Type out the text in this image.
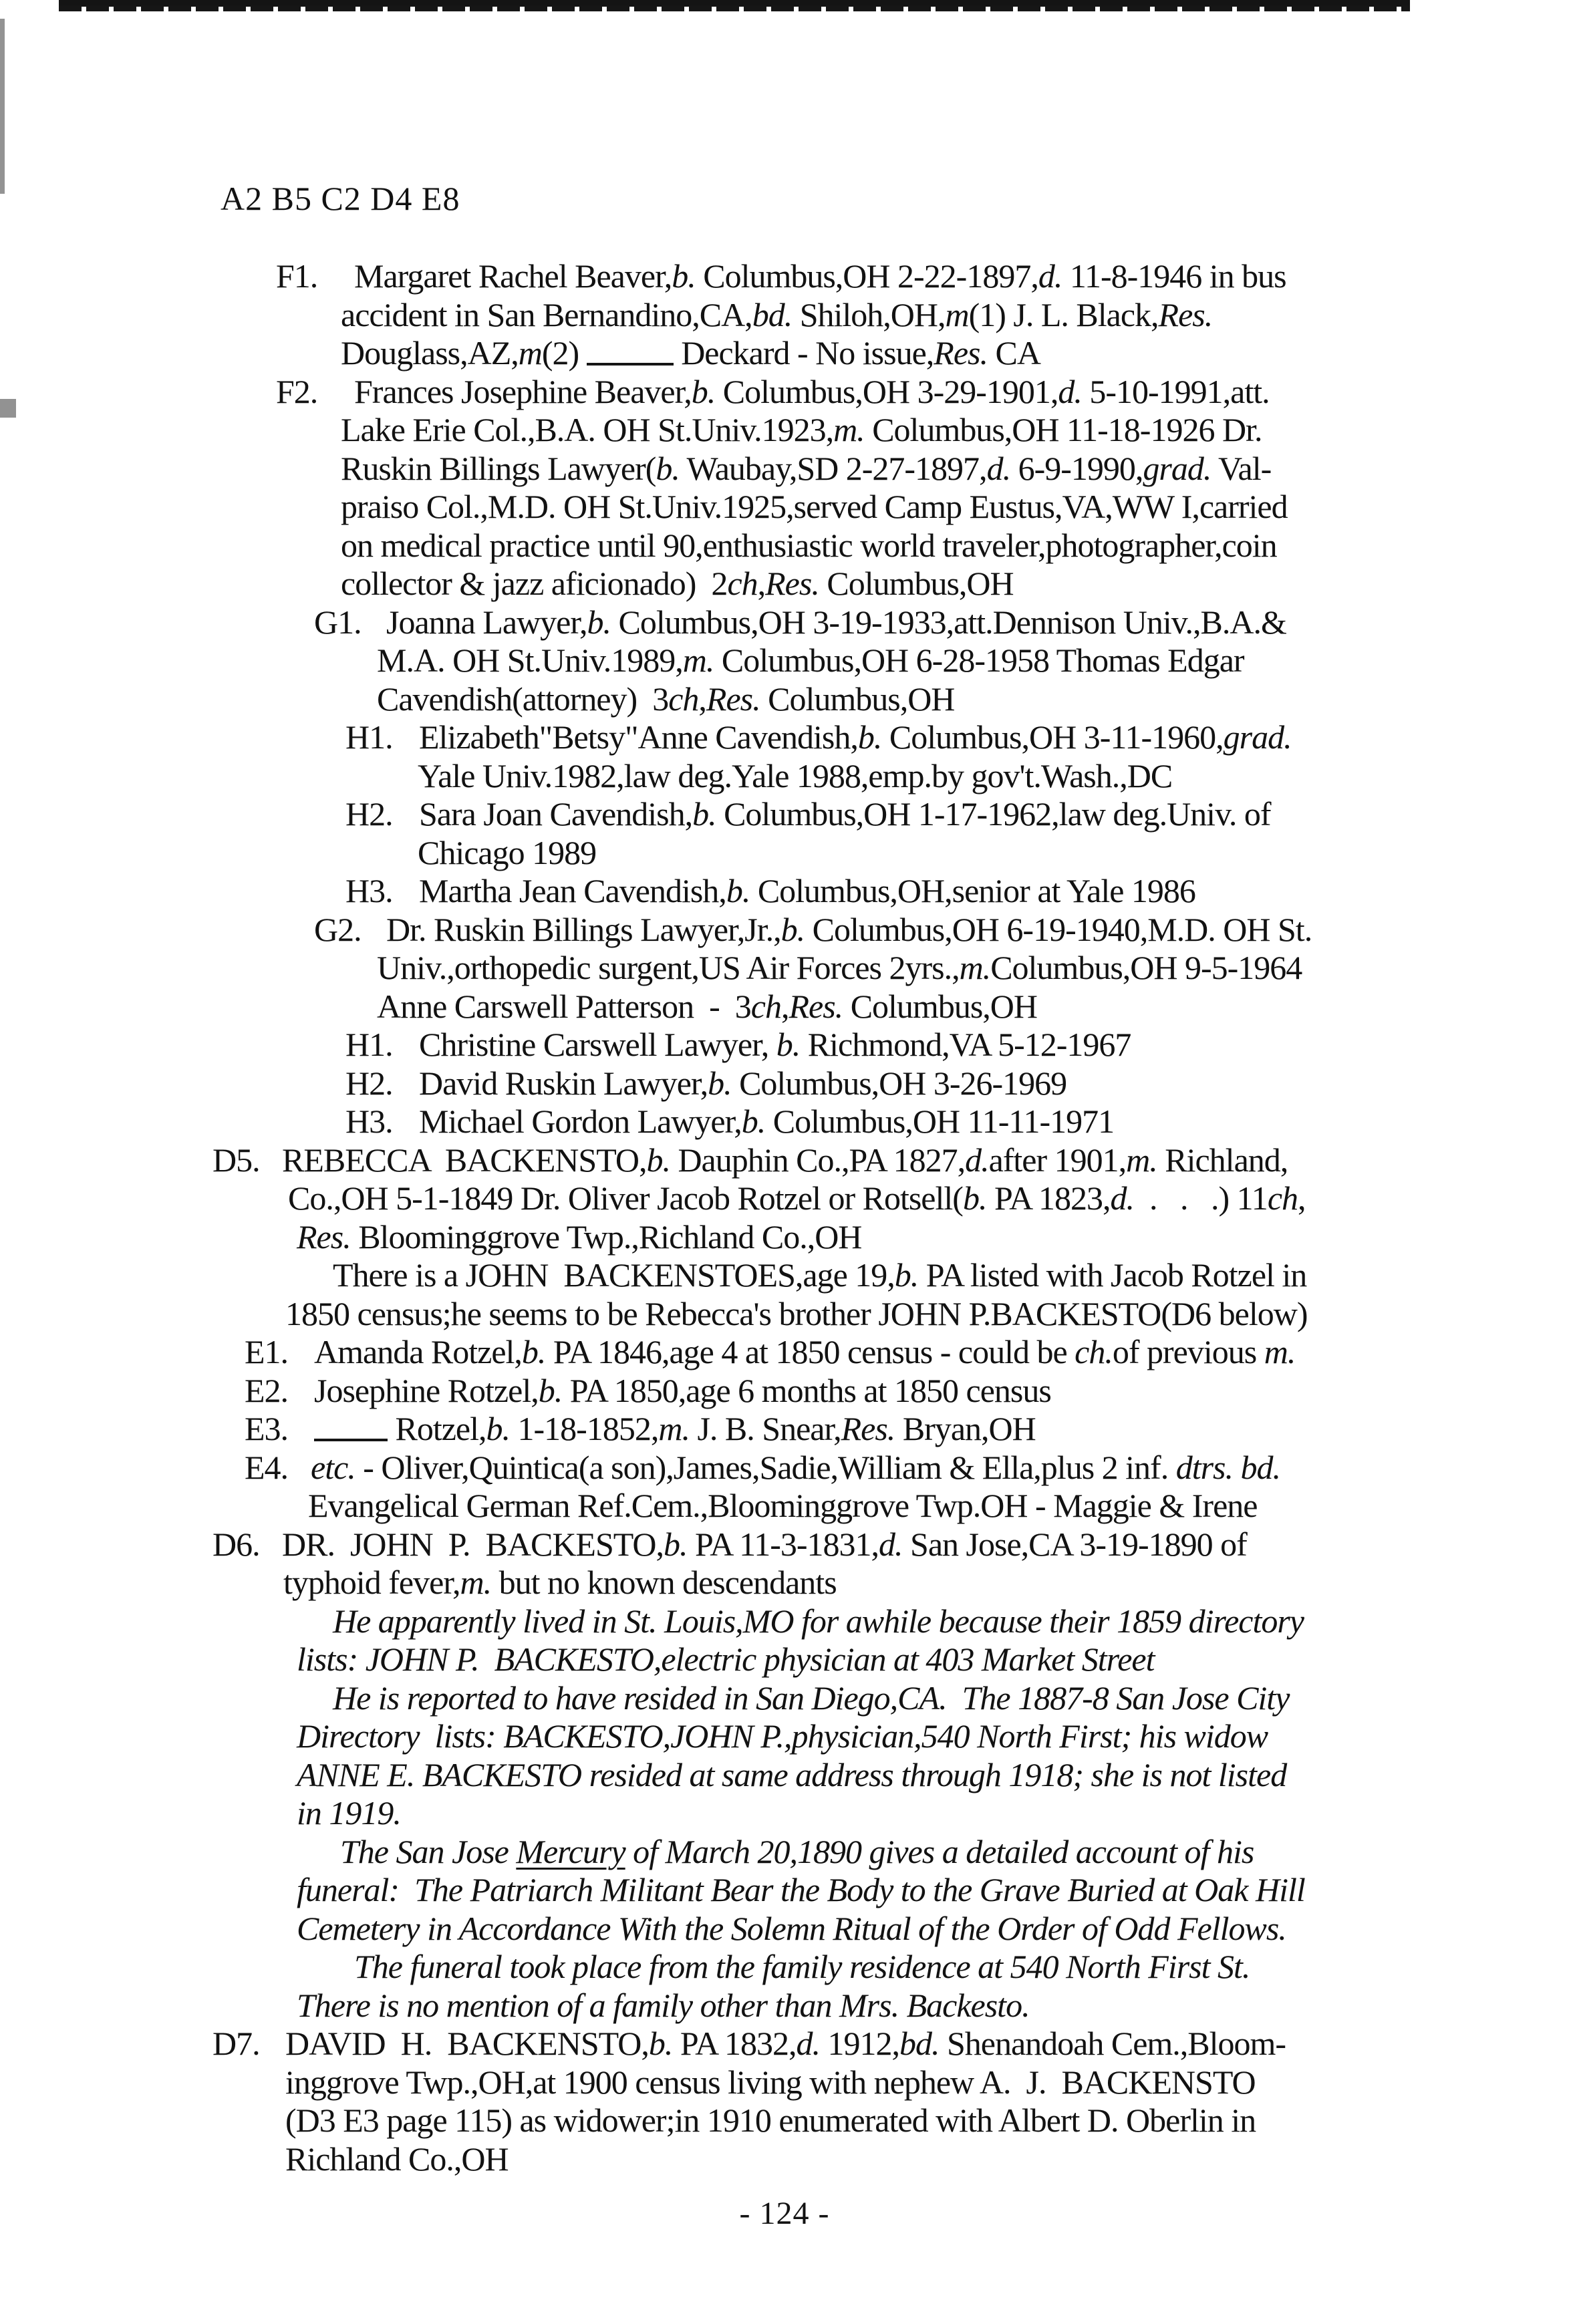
A2 B5 C2 D4 E8
F1. Margaret Rachel Beaver,b. Columbus,OH 2-22-1897,d. 11-8-1946 in bus
accident in San Bernandino,CA,bd. Shiloh,OH,m(1) J. L. Black,Res.
Douglass,AZ,m(2)	Deckard - No issue,Res. CA
F2. Frances Josephine Beaver,b. Columbus,OH 3-29-1901,d. 5-10-1991,att.
Lake Erie Col.,B.A. OH St.Univ.1923,m. Columbus,OH 11-18-1926 Dr.
Ruskin Billings Lawyer(b. Waubay,SD 2-27-1897,d. 6-9-1990,grad. Val-
praiso Col.,M.D. OH St.Univ.1925,served Camp Eustus,VA,WW I,carried
on medical practice until 90,enthusiastic world traveler,photographer,coin
collector & jazz aficionado)  2ch,Res. Columbus,OH
G1. Joanna Lawyer,b. Columbus,OH 3-19-1933,att.Dennison Univ.,B.A.&
M.A. OH St.Univ.1989,m. Columbus,OH 6-28-1958 Thomas Edgar
Cavendish(attorney)  3ch,Res. Columbus,OH
H1. Elizabeth"Betsy"Anne Cavendish,b. Columbus,OH 3-11-1960,grad.
Yale Univ.1982,law deg.Yale 1988,emp.by gov't.Wash.,DC
H2. Sara Joan Cavendish,b. Columbus,OH 1-17-1962,law deg.Univ. of
Chicago 1989
H3. Martha Jean Cavendish,b. Columbus,OH,senior at Yale 1986
G2. Dr. Ruskin Billings Lawyer,Jr.,b. Columbus,OH 6-19-1940,M.D. OH St.
Univ.,orthopedic surgent,US Air Forces 2yrs.,m.Columbus,OH 9-5-1964
Anne Carswell Patterson  -  3ch,Res. Columbus,OH
H1. Christine Carswell Lawyer, b. Richmond,VA 5-12-1967
H2. David Ruskin Lawyer,b. Columbus,OH 3-26-1969
H3. Michael Gordon Lawyer,b. Columbus,OH 11-11-1971
D5. REBECCA  BACKENSTO,b. Dauphin Co.,PA 1827,d.after 1901,m. Richland,
Co.,OH 5-1-1849 Dr. Oliver Jacob Rotzel or Rotsell(b. PA 1823,d.  .   .   .) 11ch,
Res. Bloominggrove Twp.,Richland Co.,OH
There is a JOHN  BACKENSTOES,age 19,b. PA listed with Jacob Rotzel in
1850 census;he seems to be Rebecca's brother JOHN P.BACKESTO(D6 below)
E1. Amanda Rotzel,b. PA 1846,age 4 at 1850 census - could be ch.of previous m.
E2. Josephine Rotzel,b. PA 1850,age 6 months at 1850 census
E3.	Rotzel,b. 1-18-1852,m. J. B. Snear,Res. Bryan,OH
E4. etc. - Oliver,Quintica(a son),James,Sadie,William & Ella,plus 2 inf. dtrs. bd.
Evangelical German Ref.Cem.,Bloominggrove Twp.OH - Maggie & Irene
D6. DR.  JOHN  P.  BACKESTO,b. PA 11-3-1831,d. San Jose,CA 3-19-1890 of
typhoid fever,m. but no known descendants
He apparently lived in St. Louis,MO for awhile because their 1859 directory
lists: JOHN P.  BACKESTO,electric physician at 403 Market Street
He is reported to have resided in San Diego,CA.  The 1887-8 San Jose City
Directory  lists: BACKESTO,JOHN P.,physician,540 North First; his widow
ANNE E. BACKESTO resided at same address through 1918; she is not listed
in 1919.
The San Jose Mercury of March 20,1890 gives a detailed account of his
funeral:  The Patriarch Militant Bear the Body to the Grave Buried at Oak Hill
Cemetery in Accordance With the Solemn Ritual of the Order of Odd Fellows.
The funeral took place from the family residence at 540 North First St.
There is no mention of a family other than Mrs. Backesto.
D7. DAVID  H.  BACKENSTO,b. PA 1832,d. 1912,bd. Shenandoah Cem.,Bloom-
inggrove Twp.,OH,at 1900 census living with nephew A.  J.  BACKENSTO
(D3 E3 page 115) as widower;in 1910 enumerated with Albert D. Oberlin in
Richland Co.,OH
- 124 -
